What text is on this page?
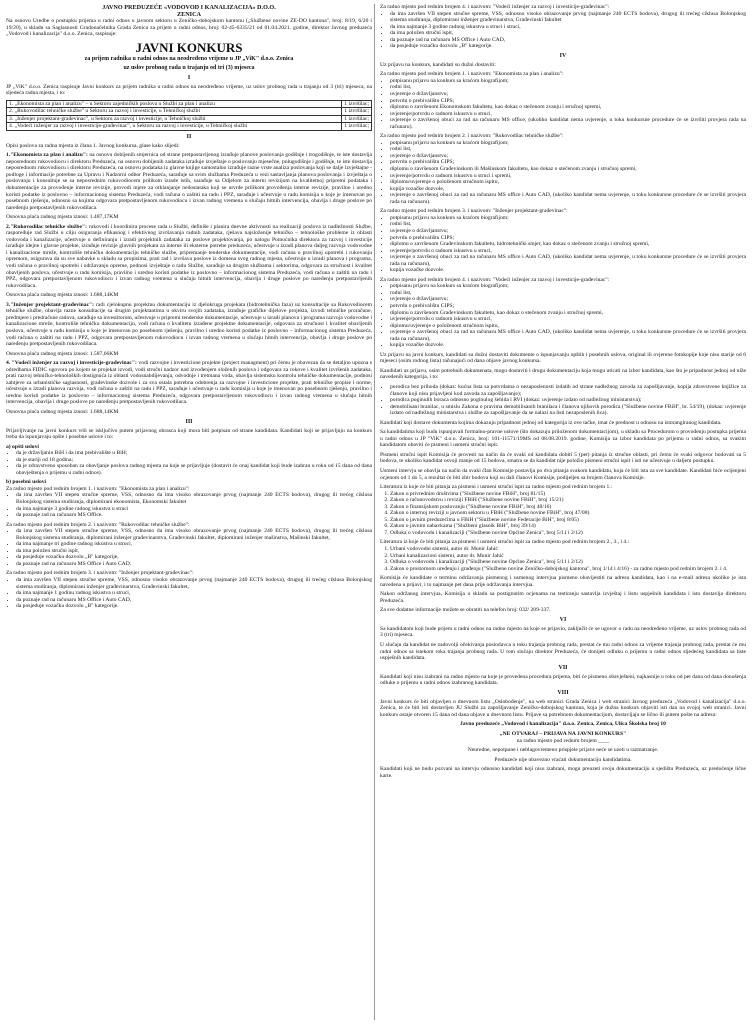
JAVNO PREDUZEĆE «VODOVOD I KANALIZACIJA» D.O.O.
ZENICA

Na osnovu Uredbe o postupku prijema u radni odnos u javnom sektoru u Zeničko-dobojskom kantonu („Službene novine ZE-DO kantona", broj: 8/19, 6/20 i 19/20), u skladu sa Saglasnosti Gradonačelnika Grada Zenica za prijem u radni odnos, broj: 02-45-6335/21 od 01.04.2021. godine, direktor Javnog preduzeća „Vodovod i kanalizacija" d.o.o. Zenica, raspisuje:

JAVNI KONKURS
za prijem radnika u radni odnos na neodređeno vrijeme u JP „ViK" d.o.o. Zenica
uz uslov probnog rada u trajanju od tri (3) mjeseca
I

JP „ViK" d.o.o. Zenica raspisuje Javni konkurs za prijem radnika u radni odnos na neodređeno vrijeme, uz uslov probnog rada u trajanju od 3 (tri) mjeseca, na sljedeća radna mjesta, i to:

1. „Ekonomista za plan i analizu" – u Sektoru zajedničkih poslova u Službi za plan i analizu	1 izvršilac;
2. „Rukovodilac tehničke službe" u Sektoru za razvoj i investicije, u Tehničkoj službi	1 izvršilac;
3. „Inženjer projektant-građevinac", u Sektoru za razvoj i investicije, u Tehničkoj službi	1 izvršilac;
4. „Vodeći inženjer za razvoj i investicije-građevinac", u Sektoru za razvoj i investicije, u Tehničkoj službi	1 izvršilac;
II

Opisi poslova za radna mjesta iz člana 1. Javnog konkursa, glase kako slijedi:

1."Ekonomista za plan i analizu": na osnovu dobijenih smjernica od strane pretpostavljenog izrađuje planove poslovanja godišnje i trogodišnje, te iste dostavlja neposrednom rukovodiocu i direktoru Preduzeća, na osnovu dobijenih zadataka izrađuje izvještaje o poslovanju mjesečne, polugodišnje i godišnje, te iste dostavlja neposrednom rukovodiocu i direktoru Preduzeća, na osnovu podataka iz glavne knjige samostalno izrađuje razne vrste analiza poslovanja koji se dalje izvještajne - podloge i informacije potrebne za Upravu i Nadzorni odbor Preduzeća, sarađuje sa svim službama Preduzeća u vezi sastavljanja planova poslovanja i izvještaja o poslovanju i konsultuje se sa neposrednim rukovodiocem prilikom izrade istih, sarađuje sa Odjelom za interni revizijom na kvalitetnoj pripremi podataka i dokumentacije za provođenje interne revizije, provodi mjere za otklanjanje nedostataka koji se utvrde prilikom provođenja interne revizije, pravilno i uredno koristi podatke iz poslovno – informacionog sistema Preduzeća, vodi računa o zaštiti na radu i PPZ, sarađuje i učestvuje u radu komisija u koje je imenovan po posebnom rješenju, odnosno sa kojima odgovara pretpostavljenom rukovodiocu i izvan radnog vremena u slučaju hitnih intervencija, obavlja i druge poslove po naređenju pretpostavljenih rukovodilaca.

Osnovna plaća radnog mjesta iznosi: 1.487,17KM

2."Rukovodilac tehničke službe": rukovodi i koordinira procese rada u Službi, definiše i planira dnevne aktivnosti na realizaciji poslova iz nadležnosti Službe, raspoređuje rad Službi u cilju osiguranja efikasnog i efektivnog izvršavanja radnih zadataka, rješava najsloženije tehničko – tehnološke probleme iz oblasti vodovoda i kanalizacije, učestvuje u definiranju i izradi projektnih zadataka za poslove projektovanja, po nalogu Pomoćnika direktora za razvoj i investicije izrađuje idejne i glavne projekte, izrađuje revizije glavnih projekata za interne ili eksterne potrebe preduzeća, učestvuje u izradi planova daljeg razvoja vodovodne i kanalizacione mreže, kontroliše tehničku dokumentaciju tehničke službe, pripremanje tenderske dokumentacije, vodi računa o pravilnoj upotrebi i rukovanju opremom, osigurava da su sve nabavke u skladu sa propisima, prati rad i izvršava poslove iz domena svog radnog mjesta, učestvuje u izradi planova i programa, vodi računa o pravilnoj upotrebi i održavanju opreme, podnosi izvještaje o radu Službe, sarađuje sa drugim službama i sektorima, odgovara za stručnost i kvalitet obavljenih poslova, učestvuje u radu komisija, pravilno i uredno koristi podatke iz poslovno – informacionog sistema Preduzeća, vodi računa o zaštiti na radu i PPZ, odgovara pretpostavljenom rukovodiocu i izvan radnog vremena u slučaju hitnih intervencija, obavlja i druge poslove po naređenju pretpostavljenih rukovodilaca.

Osnovna plaća radnog mjesta iznosi: 1.688,14KM

3."Inženjer projektant-građevinac": radi cjelokupnu projektnu dokumentaciju iz djelokruga projekata (hidrotehnička faza) uz konsultacije sa Rukovodiocem tehničke službe, obavlja razne konsultacije sa drugim projektantima u okviru svojih zadataka, izrađuje grafičke dijelove projekta, izvodi tehničke proračune, predmjere i predračune radova, sarađuje sa investitorom, učestvuje u pripremi tenderske dokumentacije, učestvuje u izradi planova i programa razvoja vodovodne i kanalizacione mreže, kontroliše tehničku dokumentaciju, vodi računa o kvalitetu izrađene projektne dokumentacije, odgovara za stručnost i kvalitet obavljenih poslova, učestvuje u radu komisija u koje je imenovan po posebnom rješenju, pravilno i uredno koristi podatke iz poslovno – informacionog sistema Preduzeća, vodi računa o zaštiti na radu i PPZ, odgovara pretpostavljenom rukovodiocu i izvan radnog vremena u slučaju hitnih intervencija, obavlja i druge poslove po naređenju pretpostavljenih rukovodilaca.

Osnovna plaća radnog mjesta iznosi: 1.587,66KM

4. "Vodeći inženjer za razvoj i investicije-građevinac": vodi razvojne i investicione projekte (project managment) pri čemu je obavezan da se detaljno upozna s odredbama FIDIC ugovora po kojem se projekat izvodi, vodi stručni nadzor nad izvođenjem složenih poslova i odgovara za rokove i kvalitet izvršenih zadataka, prati razvoj tehničko-tehnoloških dostignuća iz oblasti vodosnabdijevanja, odvodnje i tretmana voda, obavlja sistemsku kontrolu tehničke dokumentacije, podnosi zahtjeve za urbanističke saglasnosti, građevinske dozvole i za sva ostala potrebna odobrenja za razvojne i investicione projekte, prati tehničke propise i norme, učestvuje u izradi planova razvoja, vodi računa o zaštiti na radu i PPZ, sarađuje i učestvuje u radu komisija u koje je imenovan po posebnom rješenju, pravilno i uredno koristi podatke iz poslovno – informacionog sistema Preduzeća, odgovara pretpostavljenom rukovodiocu i izvan radnog vremena u slučaju hitnih intervencija, obavlja i druge poslove po naređenju pretpostavljenih rukovodilaca.

Osnovna plaća radnog mjesta iznosi: 1.688,14KM

III

Prijavljivanje na javni konkurs vrši se isključivo putem prijavnog obrasca koji mora biti potpisan od strane kandidata. Kandidati koji se prijavljuju na konkurs treba da ispunjavaju opšte i posebne uslove i to:

a) opšti uslovi
• da je državljanin BiH i da ima prebivalište u BiH;
• da je stariji od 18 godina;
• da je zdravstveno sposoban za obavljanje poslova radnog mjesta na koje se prijavljuje (dostavit će onaj kandidat koji bude izabran u roku od 15 dana od dana obavještenja o prijemu u radni odnos).
b) posebni uslovi
Za radno mjesto pod rednim brojem 1. i nazivom: "Ekonomista za plan i analizu":
• da ima završen VII stepen stručne spreme, VSS, odnosno da ima visoko obrazovanje prvog (najmanje 240 ECTS bodova), drugog ili trećeg ciklusa Bolonjskog sistema studiranja, diplomirani ekonomista, Ekonomski fakultet
• da ima najmanje 3 godine radnog iskustva u struci
• da poznaje rad na računaru MS Office.
Za radno mjesto pod rednim brojem 2. i nazivom: "Rukovodilac tehničke službe":
• da ima završen VII stepen stručne spreme, VSS, odnosno da ima visoko obrazovanje prvog (najmanje 240 ECTS bodova), drugog ili trećeg ciklusa Bolonjskog sistema studiranja, diplomirani inženjer građevinarstva, Građevinski fakultet, diplomirani inženjer mašinstva, Mašinski fakultet,
• da ima najmanje tri godine radnog iskustva u struci,
• da ima položen stručni ispit,
• da posjeduje vozačku dozvolu „B" kategorije,
• da poznaje rad na računaru MS Office i Auto CAD.
Za radno mjesto pod rednim brojem 3. i nazivom: "Inženjer projektant-građevinac":
• da ima završen VII stepen stručne spreme, VSS, odnosno visoko obrazovanje prvog (najmanje 240 ECTS bodova), drugog ili trećeg ciklusa Bolonjskog sistema studiranja, diplomirani inženjer građevinarstva, Građevinski fakultet,
• da ima najmanje 1 godinu radnog iskustva u struci,
• da poznaje rad na računaru MS Office i Auto CAD,
• da posjeduje vozačku dozvolu „B" kategorije.
Za radno mjesto pod rednim brojem 4. i nazivom: "Vodeći inženjer za razvoj i investicije-građevinac":
• da ima završen VII stepen stručne spreme, VSS, odnosno visoko obrazovanje prvog (najmanje 240 ECTS bodova), drugog ili trećeg ciklusa Bolonjskog sistema studiranja, diplomirani inženjer građevinarstva, Građevinski fakultet
• da ima najmanje 3 godine radnog iskustva u struci i struci,
• da ima položen stručni ispit,
• da poznaje rad na računaru MS Office i Auto CAD,
• da posjeduje vozačku dozvolu „B" kategorije.
IV

Uz prijavu na konkurs, kandidati su dužni dostaviti:

Za radno mjesto pod rednim brojem 1. i nazivom: "Ekonomista za plan i analizu":
• potpisanu prijavu na konkurs sa kraćom biografijom;
• rodni list,
• uvjerenje o državljanstvu;
• potvrdu o prebivalištu CIPS;
• diplomu o završenom Ekonomskom fakultetu, kao dokaz o stečenom zvanju i stručnoj spremi,
• uvjerenje/potvrdu o radnom iskustvu u struci,
• uvjerenje o završenoj obuci za rad na računaru MS office, (ukoliko kandidat nema uvjerenje, u toku konkursne procedure će se izvršiti provjera rada na računaru).
Za radno mjesto pod rednim brojem 2. i nazivom: "Rukovodilac tehničke službe":
• potpisanu prijavu na konkurs sa kraćom biografijom;
• rodni list,
• uvjerenje o državljanstvu;
• potvrdu o prebivalištu CIPS;
• diplomu o završenom Građevinskom ili Mašinskom fakultetu, kao dokaz o stečenom zvanju i stručnoj spremi,
• uvjerenje/potvrdu o radnom iskustvu u struci i spremi,
• diplomu/uvjerenje o položenom stručnom ispitu,
• kopija vozačke dozvole,
• uvjerenje o završenoj obuci za rad na računaru MS office i Auto CAD, (ukoliko kandidat nema uvjerenje, u toku konkursne procedure će se izvršiti provjera rada na računaru).
Za radno mjesto pod rednim brojem 3. i nazivom: "Inženjer projektant-građevinac":
• potpisanu prijavu na konkurs sa kraćom biografijom;
• rodni list,
• uvjerenje o državljanstvu;
• potvrdu o prebivalištu CIPS;
• diplomu o završenom Građevinskom fakultetu, hidrotehnički smjer, kao dokaz o stečenom zvanju i stručnoj spremi,
• uvjerenje/potvrdu o radnom iskustvu u struci,
• uvjerenje o završenoj obuci za rad na računaru MS office i Auto CAD, (ukoliko kandidat nema uvjerenje, u toku konkursne procedure će se izvršiti provjera rada na računaru),
• kopija vozačke dozvole.
Za radno mjesto pod rednim brojem 4. i nazivom: "Vodeći inženjer za razvoj i investicije-građevinac":
• potpisanu prijavu na konkurs sa kraćom biografijom;
• rodni list,
• uvjerenje o državljanstvu;
• potvrdu o prebivalištu CIPS;
• diplomu o završenom Građevinskom fakultetu, kao dokaz o stečenom zvanju i stručnoj spremi,
• uvjerenje/potvrdu o radnom iskustvu u struci,
• diplomu/uvjerenje o položenom stručnom ispitu,
• uvjerenje o završenoj obuci za rad na računaru MS office i Auto CAD, (ukoliko kandidat nema uvjerenje, u toku konkursne procedure će se izvršiti provjera rada na računaru),
• kopija vozačke dozvole.

Uz prijavu na javni konkurs, kandidati su dužni dostaviti dokumente o ispunjavanju opštih i posebnih uslova, original ili ovjerene fotokopije koje nisu starije od 6 mjeseci (osim rodnog lista) računajući od dana objave javnog konkursa.

Kandidati uz prijavu, osim potrebnih dokumenata, mogu dostaviti i drugu dokumentaciju koja mogu uticati na izbor kandidata, kao što je pripadnost jednoj od niže navedenih kategorija, i to:

• porodica bez prihoda (dokaz: kućna lista sa potvrdama o nezaposlenosti izdatih od strane nadležnog zavoda za zapošljavanje, kopija zdravstvene knjižice za članove koji nisu prijavljeni kod zavoda za zapošljavanje);
• porodica poginulih boraca odnosno poginulog šehida i RVI (dokaz: uvjerenje izdato od nadležnog ministarstva);
• demobilisani branilac, u smislu Zakona o pravima demobilisanih branilaca i članova njihovih porodica ("Službene novine FBiH", br. 54/19), (dokaz: uvjerenje izdato od nadležnog ministarstva i službe za zapošljavanje da se nalazi na listi nezaposlenih lica).

Kandidati koji dostave dokumenta kojima dokazuju pripadnost jednoj od kategorija iz ove tačke, imat će prednost u odnosu na istorangiranog kandidata.

Sa kandidatima koji budu ispunjavali formalno-pravne uslove (što dokazuju priloženom dokumentacijom), u skladu sa Procedurom o provođenju postupka prijema u radni odnos u JP "ViK" d.o.o. Zenica, broj: 101-11571/19MS od 08.08.2019. godine, Komisija za izbor kandidata po prijemu u radni odnos, sa svakim kandidatom obaviti će pismeni i usmeni stručni ispit.

Pismeni stručni ispit Komisija će provesti na način da će svaki od kandidata dobiti 5 (pet) pitanja iz stručne oblasti, pri čemu će svaki odgovor bodovati sa 5 bodova, te ukoliko kandidat osvoji manje od 15 bodova, smatra se da kandidat nije položio pismeni stručni ispit i isti ne učestvuje u daljem postupku.

Usmeni intervju se obavlja na način da svaki član Komisije postavlja po dva pitanja svakom kandidatu, koja će biti ista za sve kandidate. Kandidati biće ocijenjeni ocjenom od 1 do 5, a rezultat će biti zbir bodova koji su dali članovi Komisije, podijeljen sa brojem članova Komisije.

Literatura iz koje će biti pitanja za pismeni i usmeni stručni ispit za radno mjesto pod rednim brojem 1.:
1. Zakon o privrednim društvima ("Službene novine FBiH", broj 81/15)
2. Zakon o računovodstvu i reviziji FBiH ("Službene novine FBiH", broj 15/21)
3. Zakon o finansijskom poslovanju ("Službene novine FBiH", broj 48/16)
4. Zakon o internoj reviziji u javnom sektoru u FBiH ("Službene novine FBiH", broj 47/08)
5. Zakon o javnim preduzećima u FBiH ("Službene novine Federacije BiH", broj 8/05)
6. Zakon o javnim nabavkama ("Službeni glasnik BiH", broj 39/14)
7. Odluka o vodovodu i kanalizaciji ("Službene novine Općine Zenica", broj 5/11 i 2/12)
Literatura iz koje će biti pitanja za pismeni i usmeni stručni ispit za radno mjesto pod rednim brojem 2., 3., i 4.:
1. Urbani vodovodni sistemi, autor dr. Munir Jahić
2. Urbani kanalizacioni sistemi, autor dr. Munir Jahić
3. Odluka o vodovodu i kanalizaciji ("Službene novine Općine Zenica", broj 5/11 i 2/12)
4. Zakon o prostornom uređenju i građenju ("Službene novine Zeničko-dobojskog kantona", broj 1/14 i 4/16) - za radno mjesto pod rednim brojem 2. i 4.

Komisija će kandidate o terminu održavanja pismenog i usmenog intervjua pismeno obavijestiti na adresu kandidata, kao i na e-mail adresu ukoliko je ista navedena u prijavi, i to najmanje pet dana prije održavanja intervjua.

Nakon održanog intervjua, Komisija u skladu sa postignutim ocjenama na testiranju sastavlja izvještaj i listu uspješnih kandidata i isto dostavlja direktoru Preduzeća.

Za sve dodatne informacije možete se obratiti na telefon broj: 032/ 209-337.

VI

Sa kandidatom koji bude prijem u radni odnos na radno mjesto na koje se prijavio, zaključit će se ugovor o radu na neodređeno vrijeme, uz uslov probnog rada od 3 (tri) mjeseca.

U slučaju da kandidat ne zadovolji očekivanja poslodavca u toku trajanja probnog rada, prestat će mu radni odnos za vrijeme trajanja probnog rada, prestat će mu radni odnos sa istekom roka trajanja probnog rada. U tom slučaju direktor Preduzeća, će donijeti odluku o prijemu u radni odnos sljedećeg kandidata sa liste uspješnih kandidata.

VII

Kandidati koji nisu izabrani na radno mjesto na koje je provedena procedura prijema, biti će pismeno obavješteni, najkasnije u roku od pet dana od dana donošenja odluke o prijemu u radni odnos izabranog kandidata.

VIII

Javni konkurs će biti objavljen u dnevnom listu „Oslobođenje", na web stranici Grada Zenica i web stranici Javnog preduzeća „Vodovod i kanalizacija" d.o.o. Zenica, te će biti isti dostavljen JU Službi za zapošljavanje Zeničko-dobojskog kantona, koja je dužna konkurs objaviti isti dan na svojoj web stranici. Javni konkurs ostaje otvoren 15 dana od dana objave u dnevnom listu. Prijave sa potrebnom dokumentacijom, dostavljaju se lično ili putem pošte na adresu:

Javno preduzeće „Vodovod i kanalizacija" d.o.o. Zenica, Zenica, Ulica Školska broj 10
„NE OTVARAJ – PRIJAVA NA JAVNI KONKURS"
na radno mjesto pod rednim brojem ____

Neuredne, nepotpune i neblagovremeno prispjele prijave neće se uzeti u razmatranje.

Preduzeće nije obavezno vraćati dokumentaciju kandidatima.

Kandidati koji ne budu pozvani na intervju odnosno kandidati koji nisu izabrani, mogu preuzeti svoju dokumentaciju u sjedištu Preduzeća, uz predočenje lične karte.
